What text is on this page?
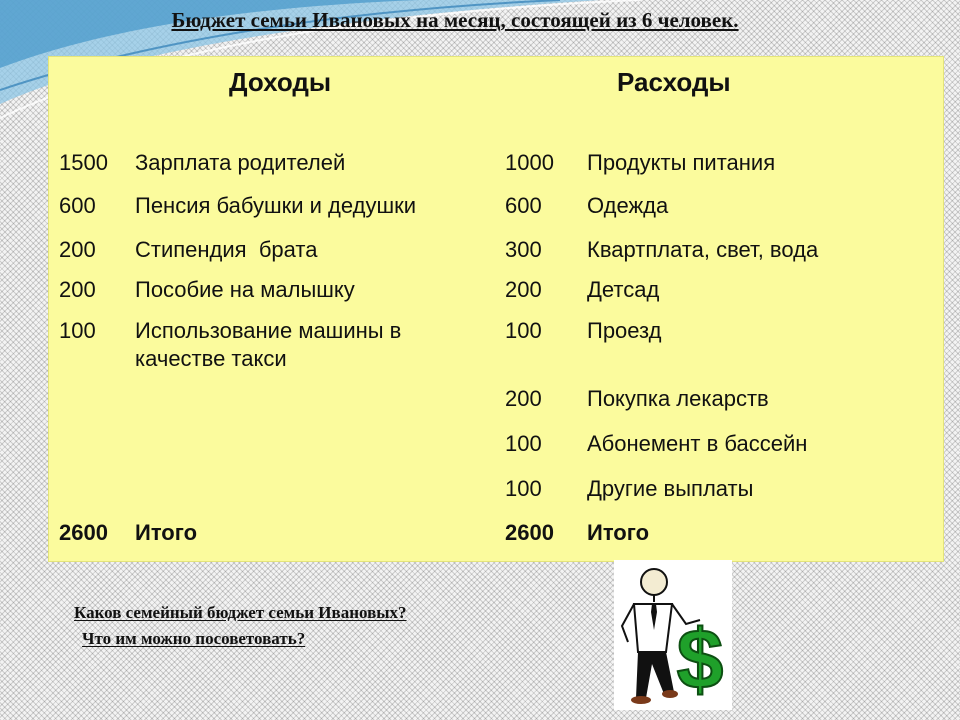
Бюджет семьи Ивановых на месяц, состоящей из 6 человек.
Доходы	Расходы
1500 Зарплата родителей
600 Пенсия бабушки и дедушки
200 Стипендия  брата
200 Пособие на малышку
100 Использование машины в качестве такси
2600 Итого
1000 Продукты питания
600 Одежда
300 Квартплата, свет, вода
200 Детсад
100 Проезд
200 Покупка лекарств
100 Абонемент в бассейн
100 Другие выплаты
2600 Итого
Каков семейный бюджет семьи Ивановых?
Что им можно посоветовать?	$
